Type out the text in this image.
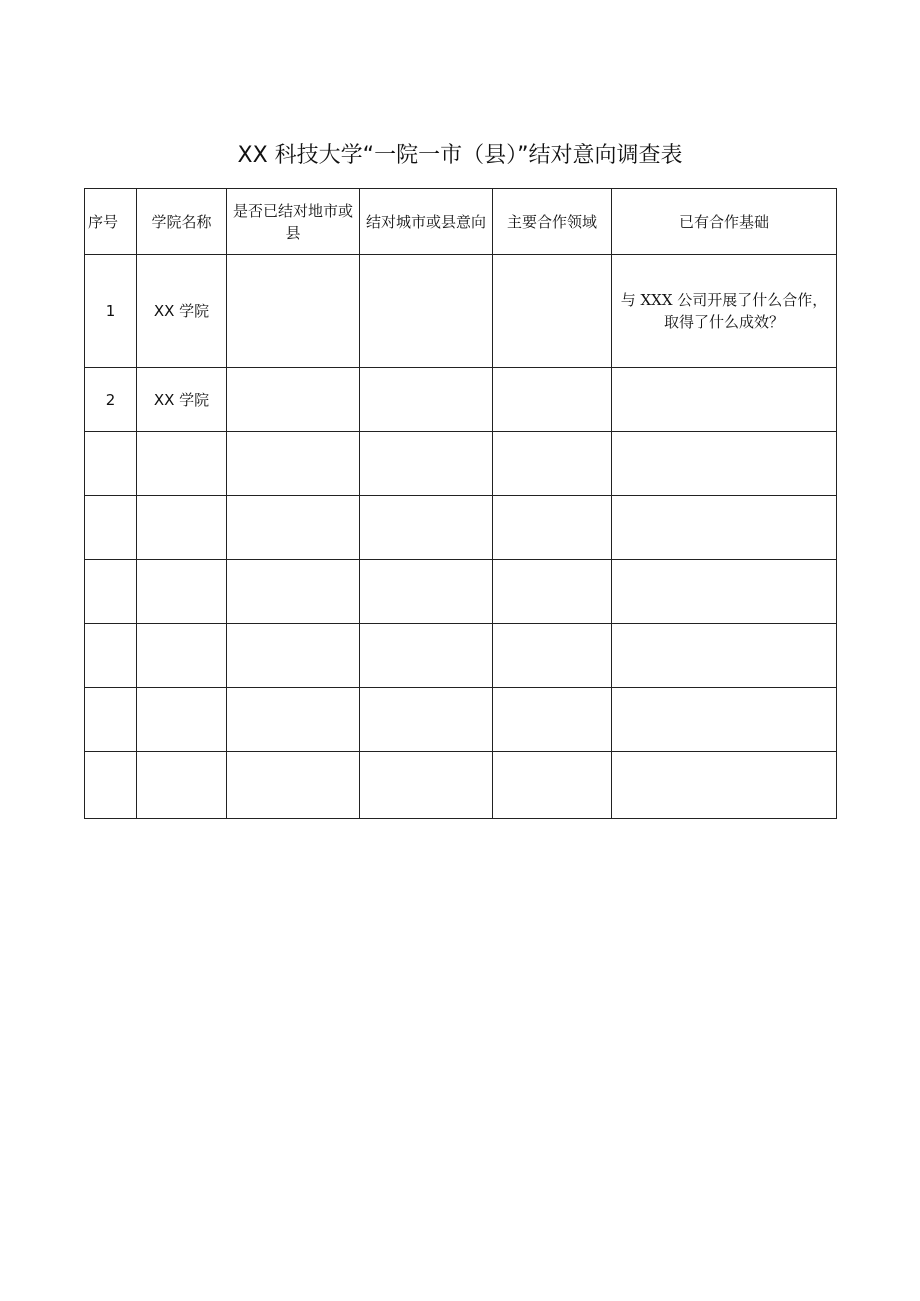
XX 科技大学“一院一市（县）”结对意向调查表
序号	学院名称	是否已结对地市或县	结对城市或县意向	主要合作领域	已有合作基础
1	XX 学院				与 XXX 公司开展了什么合作，取得了什么成效？
2	XX 学院				
